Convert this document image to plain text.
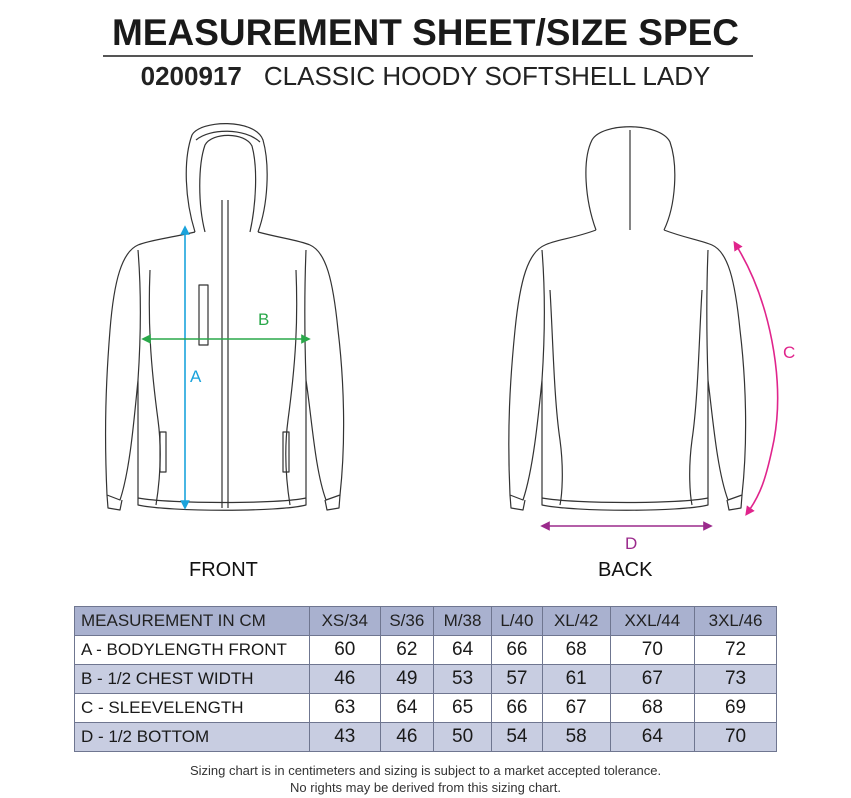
MEASUREMENT SHEET/SIZE SPEC
0200917 CLASSIC HOODY SOFTSHELL LADY
A
B
C
D
FRONT	BACK
MEASUREMENT IN CM	XS/34	S/36	M/38	L/40	XL/42	XXL/44	3XL/46
A - BODYLENGTH FRONT	60	62	64	66	68	70	72
B - 1/2 CHEST WIDTH	46	49	53	57	61	67	73
C - SLEEVELENGTH	63	64	65	66	67	68	69
D - 1/2 BOTTOM	43	46	50	54	58	64	70
Sizing chart is in centimeters and sizing is subject to a market accepted tolerance.
No rights may be derived from this sizing chart.
